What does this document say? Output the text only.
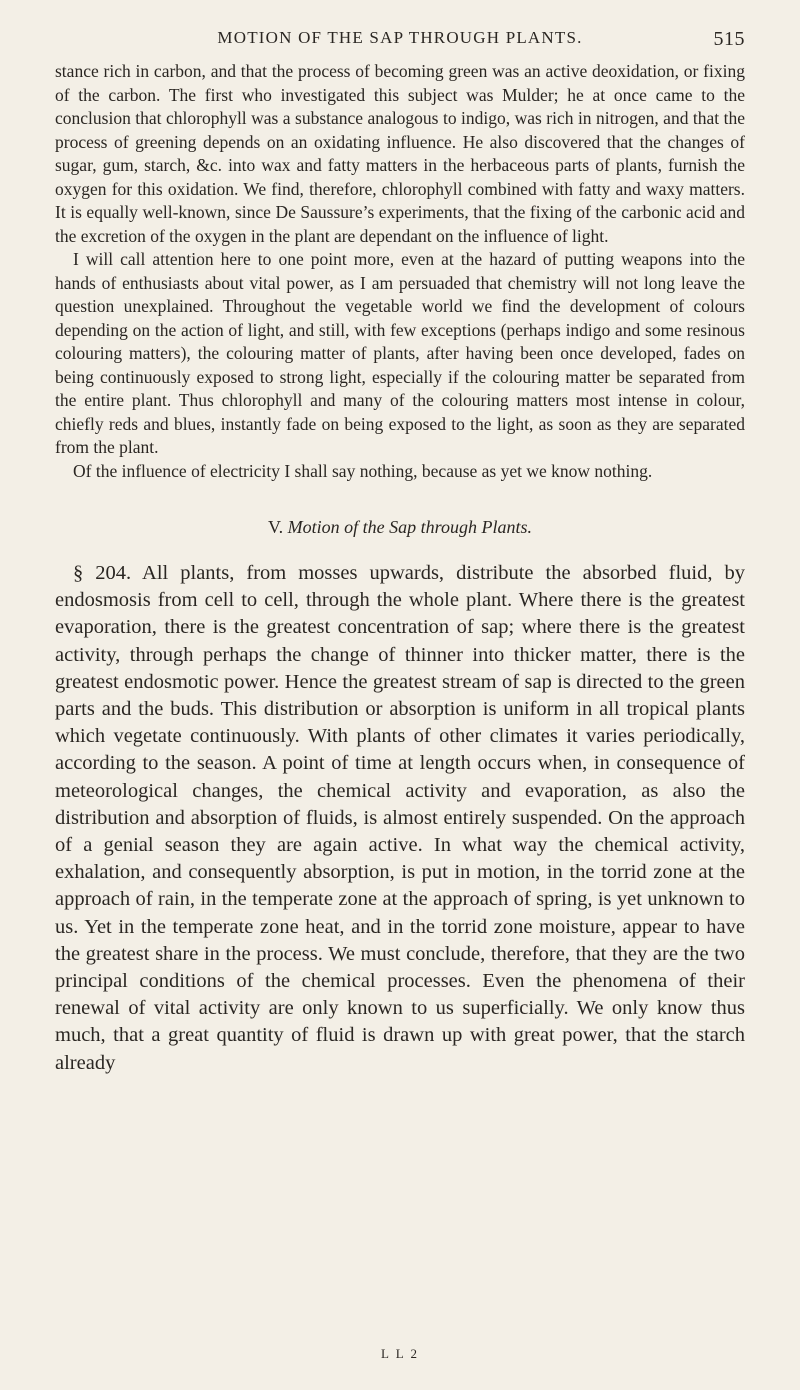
MOTION OF THE SAP THROUGH PLANTS.	515

stance rich in carbon, and that the process of becoming green was an active deoxidation, or fixing of the carbon. The first who investigated this subject was Mulder; he at once came to the conclusion that chlorophyll was a substance analogous to indigo, was rich in nitrogen, and that the process of greening depends on an oxidating influence. He also discovered that the changes of sugar, gum, starch, &c. into wax and fatty matters in the herbaceous parts of plants, furnish the oxygen for this oxidation. We find, therefore, chlorophyll combined with fatty and waxy matters. It is equally well-known, since De Saussure’s experiments, that the fixing of the carbonic acid and the excretion of the oxygen in the plant are dependant on the influence of light.

I will call attention here to one point more, even at the hazard of putting weapons into the hands of enthusiasts about vital power, as I am persuaded that chemistry will not long leave the question unexplained. Throughout the vegetable world we find the development of colours depending on the action of light, and still, with few exceptions (perhaps indigo and some resinous colouring matters), the colouring matter of plants, after having been once developed, fades on being continuously exposed to strong light, especially if the colouring matter be separated from the entire plant. Thus chlorophyll and many of the colouring matters most intense in colour, chiefly reds and blues, instantly fade on being exposed to the light, as soon as they are separated from the plant.

Of the influence of electricity I shall say nothing, because as yet we know nothing.

V. Motion of the Sap through Plants.

§ 204. All plants, from mosses upwards, distribute the absorbed fluid, by endosmosis from cell to cell, through the whole plant. Where there is the greatest evaporation, there is the greatest concentration of sap; where there is the greatest activity, through perhaps the change of thinner into thicker matter, there is the greatest endosmotic power. Hence the greatest stream of sap is directed to the green parts and the buds. This distribution or absorption is uniform in all tropical plants which vegetate continuously. With plants of other climates it varies periodically, according to the season. A point of time at length occurs when, in consequence of meteorological changes, the chemical activity and evaporation, as also the distribution and absorption of fluids, is almost entirely suspended. On the approach of a genial season they are again active. In what way the chemical activity, exhalation, and consequently absorption, is put in motion, in the torrid zone at the approach of rain, in the temperate zone at the approach of spring, is yet unknown to us. Yet in the temperate zone heat, and in the torrid zone moisture, appear to have the greatest share in the process. We must conclude, therefore, that they are the two principal conditions of the chemical processes. Even the phenomena of their renewal of vital activity are only known to us superficially. We only know thus much, that a great quantity of fluid is drawn up with great power, that the starch already

L L 2
